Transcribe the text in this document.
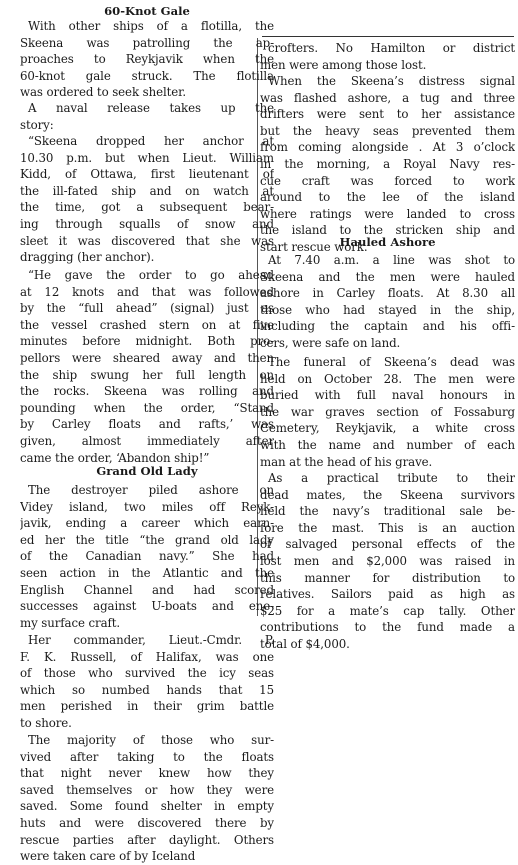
60-Knot Gale
With other ships of a flotilla, the
Skeena was patrolling the ap-
proaches to Reykjavik when the
60-knot gale struck. The flotilla
was ordered to seek shelter.
A naval release takes up the
story:
“Skeena dropped her anchor at
10.30 p.m. but when Lieut. William
Kidd, of Ottawa, first lieutenant of
the ill-fated ship and on watch at
the time, got a subsequent bear-
ing through squalls of snow and
sleet it was discovered that she was
dragging (her anchor).
“He gave the order to go ahead
at 12 knots and that was followed
by the “full ahead” (signal) just as
the vessel crashed stern on at five
minutes before midnight. Both pro-
pellors were sheared away and then
the ship swung her full length on
the rocks. Skeena was rolling and
pounding when the order, “Stand
by Carley floats and rafts,’ was
given, almost immediately after
came the order, ‘Abandon ship!”
Grand Old Lady
The destroyer piled ashore on
Videy island, two miles off Reyk-
javik, ending a career which earn-
ed her the title “the grand old lady
of the Canadian navy.” She had
seen action in the Atlantic and the
English Channel and had scored
successes against U-boats and ene-
my surface craft.
Her commander, Lieut.-Cmdr. P.
F. K. Russell, of Halifax, was one
of those who survived the icy seas
which so numbed hands that 15
men perished in their grim battle
to shore.
The majority of those who sur-
vived after taking to the floats
that night never knew how they
saved themselves or how they were
saved. Some found shelter in empty
huts and were discovered there by
rescue parties after daylight. Others
were taken care of by Iceland
crofters. No Hamilton or district
men were among those lost.
When the Skeena’s distress signal
was flashed ashore, a tug and three
drifters were sent to her assistance
but the heavy seas prevented them
from coming alongside . At 3 o’clock
in the morning, a Royal Navy res-
cue craft was forced to work
around to the lee of the island
where ratings were landed to cross
the island to the stricken ship and
start rescue work.
Hauled Ashore
At 7.40 a.m. a line was shot to
Skeena and the men were hauled
ashore in Carley floats. At 8.30 all
those who had stayed in the ship,
including the captain and his offi-
cers, were safe on land.
The funeral of Skeena’s dead was
held on October 28. The men were
buried with full naval honours in
the war graves section of Fossaburg
Cemetery, Reykjavik, a white cross
with the name and number of each
man at the head of his grave.
As a practical tribute to their
dead mates, the Skeena survivors
held the navy’s traditional sale be-
fore the mast. This is an auction
of salvaged personal effects of the
lost men and $2,000 was raised in
this manner for distribution to
relatives. Sailors paid as high as
$25 for a mate’s cap tally. Other
contributions to the fund made a
total of $4,000.
